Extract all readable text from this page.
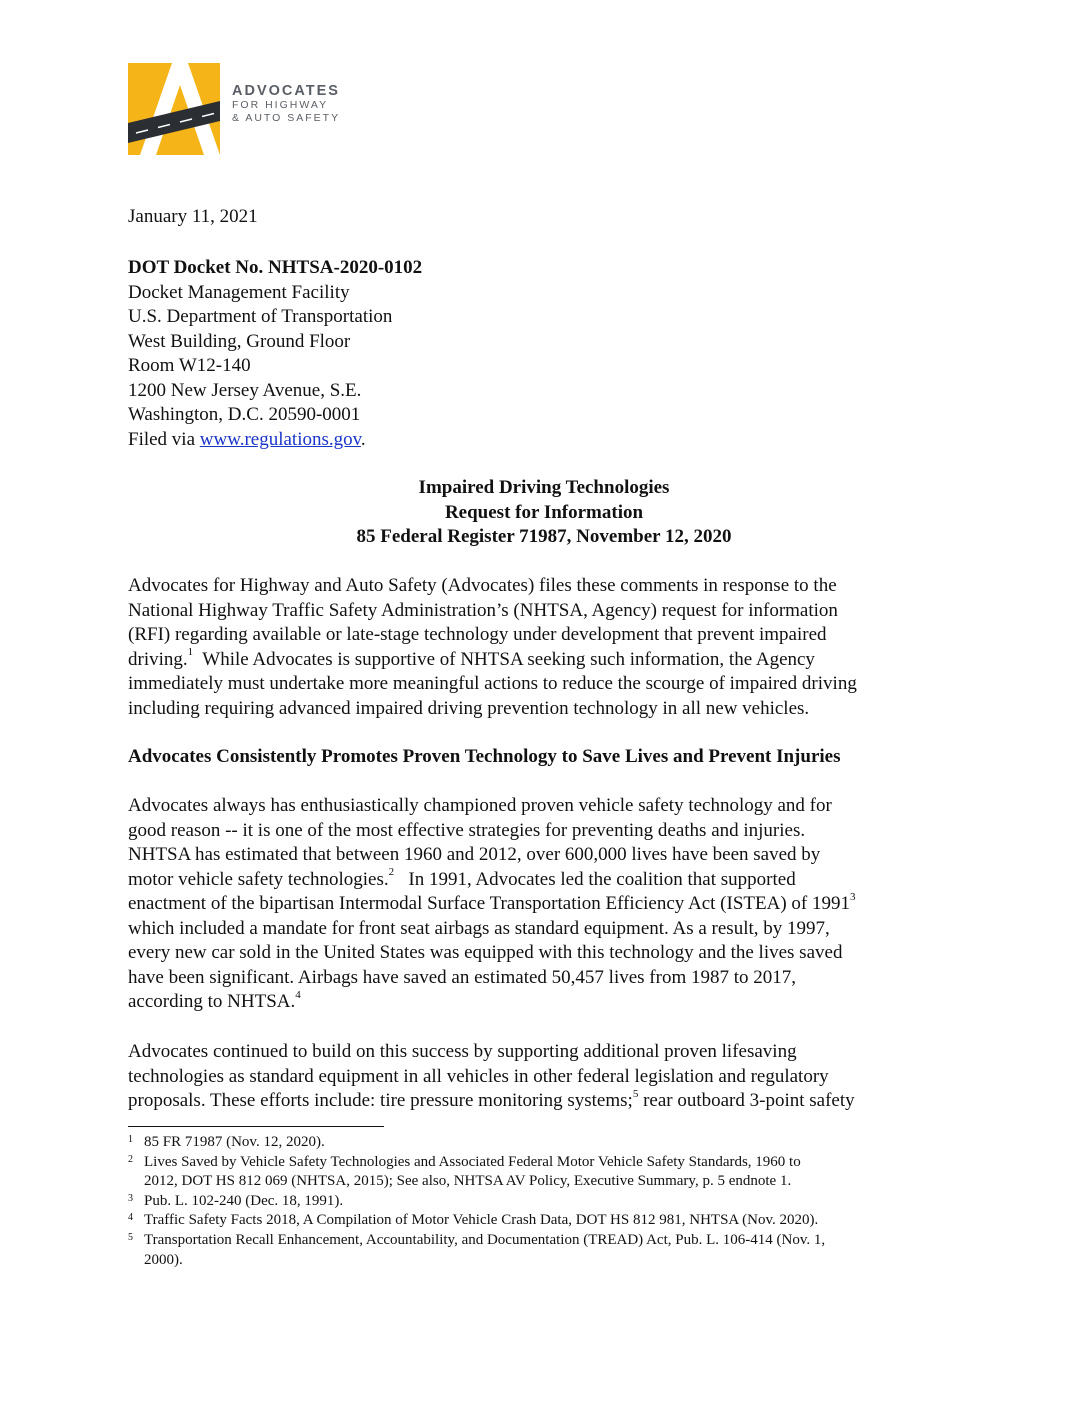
ADVOCATES
FOR HIGHWAY
& AUTO SAFETY
January 11, 2021
DOT Docket No. NHTSA-2020-0102
Docket Management Facility
U.S. Department of Transportation
West Building, Ground Floor
Room W12-140
1200 New Jersey Avenue, S.E.
Washington, D.C. 20590-0001
Filed via www.regulations.gov.
Impaired Driving Technologies
Request for Information
85 Federal Register 71987, November 12, 2020
Advocates for Highway and Auto Safety (Advocates) files these comments in response to the
National Highway Traffic Safety Administration’s (NHTSA, Agency) request for information
(RFI) regarding available or late-stage technology under development that prevent impaired
driving.$^1$  While Advocates is supportive of NHTSA seeking such information, the Agency
immediately must undertake more meaningful actions to reduce the scourge of impaired driving
including requiring advanced impaired driving prevention technology in all new vehicles.
Advocates Consistently Promotes Proven Technology to Save Lives and Prevent Injuries
Advocates always has enthusiastically championed proven vehicle safety technology and for
good reason -- it is one of the most effective strategies for preventing deaths and injuries.
NHTSA has estimated that between 1960 and 2012, over 600,000 lives have been saved by
motor vehicle safety technologies.$^2$   In 1991, Advocates led the coalition that supported
enactment of the bipartisan Intermodal Surface Transportation Efficiency Act (ISTEA) of 1991$^3$
which included a mandate for front seat airbags as standard equipment. As a result, by 1997,
every new car sold in the United States was equipped with this technology and the lives saved
have been significant. Airbags have saved an estimated 50,457 lives from 1987 to 2017,
according to NHTSA.$^4$
Advocates continued to build on this success by supporting additional proven lifesaving
technologies as standard equipment in all vehicles in other federal legislation and regulatory
proposals. These efforts include: tire pressure monitoring systems;$^5$ rear outboard 3-point safety
1 85 FR 71987 (Nov. 12, 2020).
2 Lives Saved by Vehicle Safety Technologies and Associated Federal Motor Vehicle Safety Standards, 1960 to
2012, DOT HS 812 069 (NHTSA, 2015); See also, NHTSA AV Policy, Executive Summary, p. 5 endnote 1.
3 Pub. L. 102-240 (Dec. 18, 1991).
4 Traffic Safety Facts 2018, A Compilation of Motor Vehicle Crash Data, DOT HS 812 981, NHTSA (Nov. 2020).
5 Transportation Recall Enhancement, Accountability, and Documentation (TREAD) Act, Pub. L. 106-414 (Nov. 1,
2000).
